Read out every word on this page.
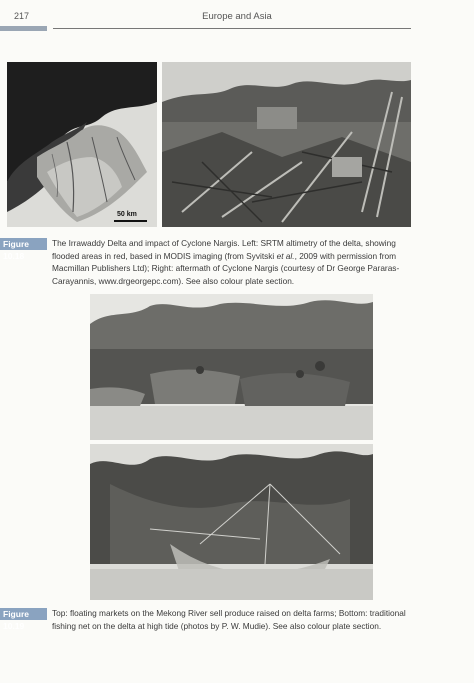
217	Europe and Asia
50 km
Figure 10.18
The Irrawaddy Delta and impact of Cyclone Nargis. Left: SRTM altimetry of the delta, showing flooded areas in red, based in MODIS imaging (from Syvitski et al., 2009 with permission from Macmillan Publishers Ltd); Right: aftermath of Cyclone Nargis (courtesy of Dr George Pararas-Carayannis, www.drgeorgepc.com). See also colour plate section.
Figure 10.19
Top: floating markets on the Mekong River sell produce raised on delta farms; Bottom: traditional fishing net on the delta at high tide (photos by P. W. Mudie). See also colour plate section.
